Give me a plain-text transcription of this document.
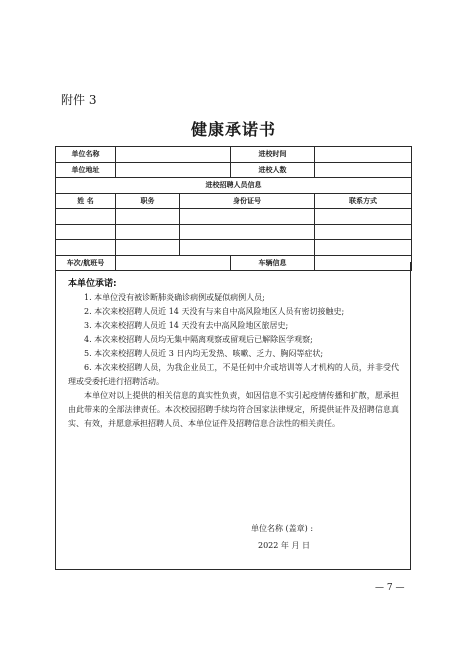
附件 3
健康承诺书
单位名称			进校时间	
单位地址			进校人数	
进校招聘人员信息				
姓 名	职务	身份证号		联系方式

车次/航班号			车辆信息	
本单位承诺:

1. 本单位没有被诊断肺炎确诊病例或疑似病例人员;

2. 本次来校招聘人员近 14 天没有与来自中高风险地区人员有密切接触史;

3. 本次来校招聘人员近 14 天没有去中高风险地区旅居史;

4. 本次来校招聘人员均无集中隔离观察或留观后已解除医学观察;

5. 本次来校招聘人员近 3 日内均无发热、咳嗽、乏力、胸闷等症状;

6. 本次来校招聘人员，为我企业员工，不是任何中介或培训等人才机构的人员，并非受代理或受委托进行招聘活动。

本单位对以上提供的相关信息的真实性负责，如因信息不实引起疫情传播和扩散，愿承担由此带来的全部法律责任。本次校园招聘手续均符合国家法律规定，所提供证件及招聘信息真实、有效，并愿意承担招聘人员、本单位证件及招聘信息合法性的相关责任。

单位名称 (盖章) :
2022 年 月 日
— 7 —
